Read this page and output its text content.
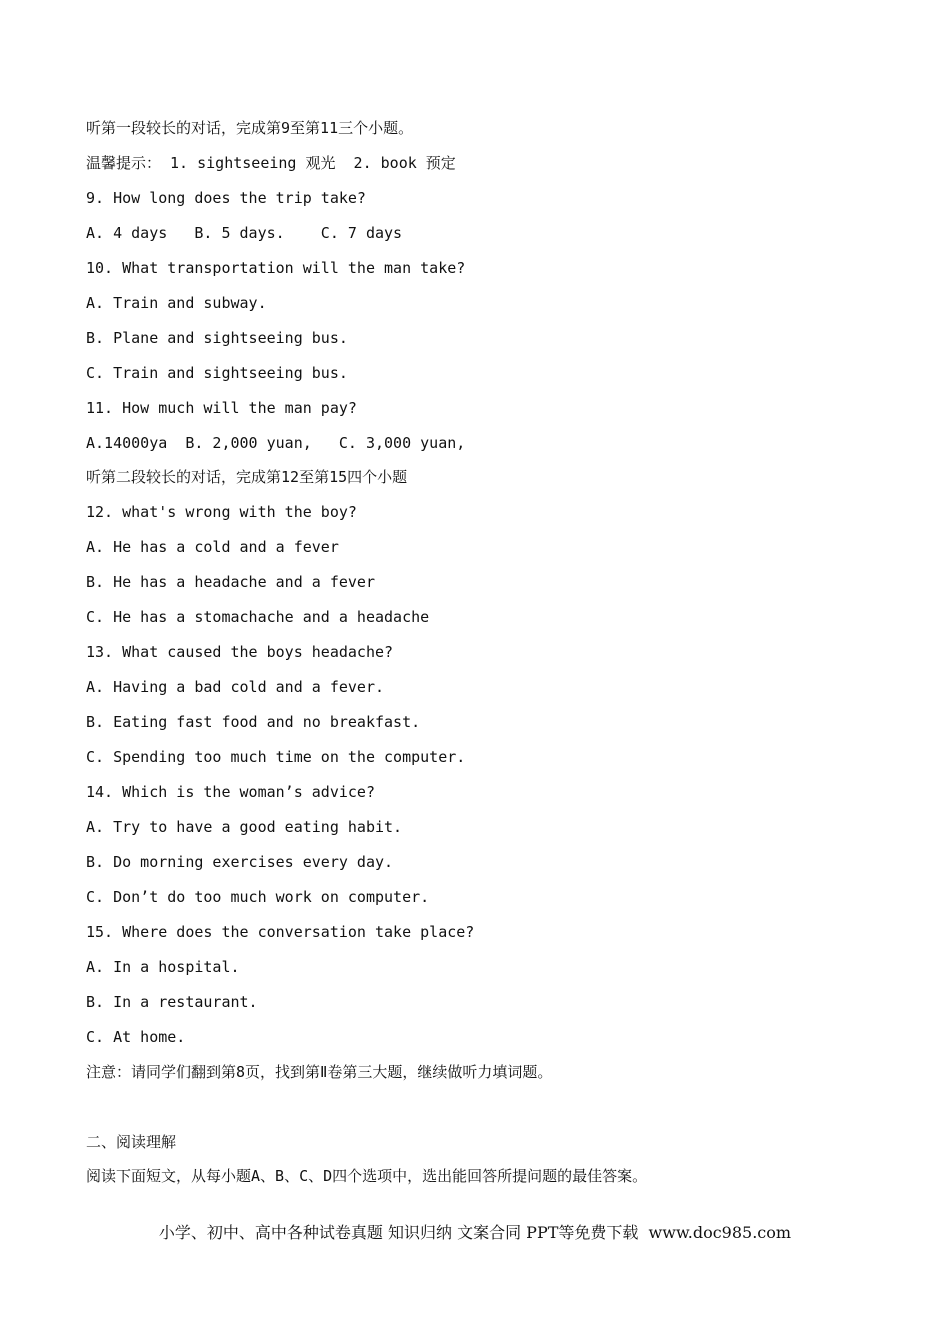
听第一段较长的对话，完成第9至第11三个小题。
温馨提示： 1. sightseeing 观光  2. book 预定
9. How long does the trip take?
A. 4 days   B. 5 days.    C. 7 days
10. What transportation will the man take?
A. Train and subway.
B. Plane and sightseeing bus.
C. Train and sightseeing bus.
11. How much will the man pay?
A.14000ya  B. 2,000 yuan,   C. 3,000 yuan,
听第二段较长的对话，完成第12至第15四个小题
12. what's wrong with the boy?
A. He has a cold and a fever
B. He has a headache and a fever
C. He has a stomachache and a headache
13. What caused the boys headache?
A. Having a bad cold and a fever.
B. Eating fast food and no breakfast.
C. Spending too much time on the computer.
14. Which is the woman’s advice?
A. Try to have a good eating habit.
B. Do morning exercises every day.
C. Don’t do too much work on computer.
15. Where does the conversation take place?
A. In a hospital.
B. In a restaurant.
C. At home.
注意：请同学们翻到第8页，找到第Ⅱ卷第三大题，继续做听力填词题。
二、阅读理解
阅读下面短文，从每小题A、B、C、D四个选项中，选出能回答所提问题的最佳答案。
小学、初中、高中各种试卷真题 知识归纳 文案合同 PPT等免费下载  www.doc985.com
